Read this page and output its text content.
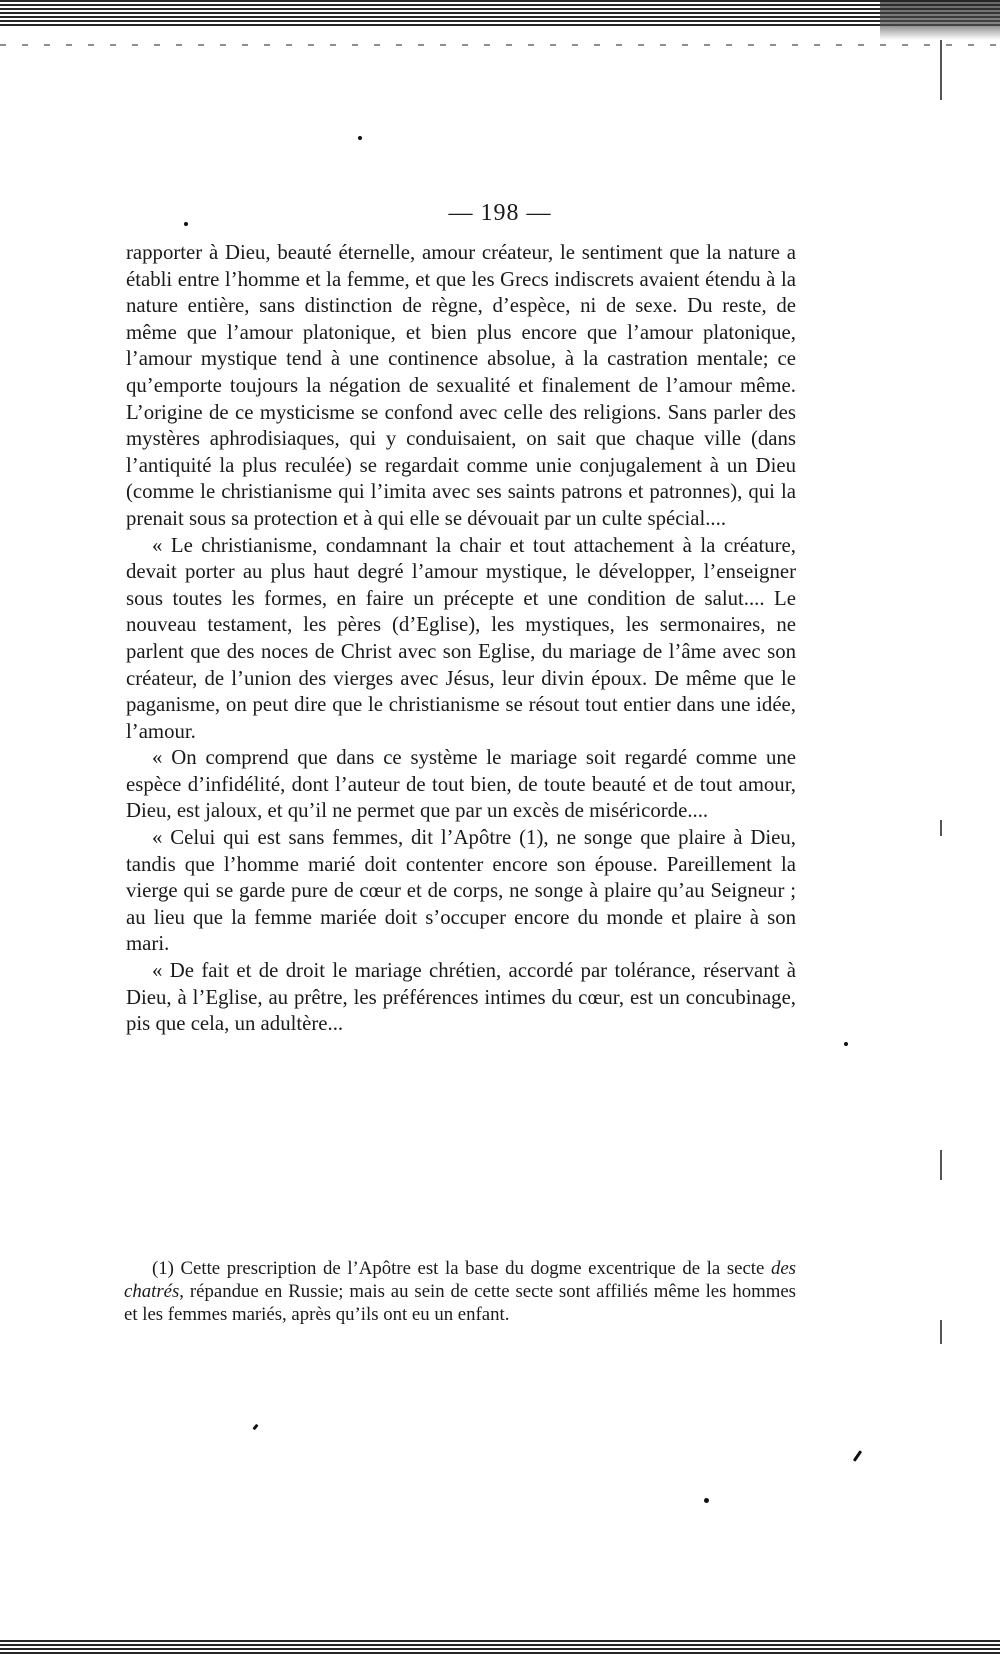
— 198 —

rapporter à Dieu, beauté éternelle, amour créateur, le sentiment que la nature a établi entre l’homme et la femme, et que les Grecs indiscrets avaient étendu à la nature entière, sans distinction de règne, d’espèce, ni de sexe. Du reste, de même que l’amour platonique, et bien plus encore que l’amour platonique, l’amour mystique tend à une continence absolue, à la castration mentale; ce qu’emporte toujours la négation de sexualité et finalement de l’amour même. L’origine de ce mysticisme se confond avec celle des religions. Sans parler des mystères aphrodisiaques, qui y conduisaient, on sait que chaque ville (dans l’antiquité la plus reculée) se regardait comme unie conjugalement à un Dieu (comme le christianisme qui l’imita avec ses saints patrons et patronnes), qui la prenait sous sa protection et à qui elle se dévouait par un culte spécial....

« Le christianisme, condamnant la chair et tout attachement à la créature, devait porter au plus haut degré l’amour mystique, le développer, l’enseigner sous toutes les formes, en faire un précepte et une condition de salut.... Le nouveau testament, les pères (d’Eglise), les mystiques, les sermonaires, ne parlent que des noces de Christ avec son Eglise, du mariage de l’âme avec son créateur, de l’union des vierges avec Jésus, leur divin époux. De même que le paganisme, on peut dire que le christianisme se résout tout entier dans une idée, l’amour.

« On comprend que dans ce système le mariage soit regardé comme une espèce d’infidélité, dont l’auteur de tout bien, de toute beauté et de tout amour, Dieu, est jaloux, et qu’il ne permet que par un excès de miséricorde....

« Celui qui est sans femmes, dit l’Apôtre (1), ne songe que plaire à Dieu, tandis que l’homme marié doit contenter encore son épouse. Pareillement la vierge qui se garde pure de cœur et de corps, ne songe à plaire qu’au Seigneur ; au lieu que la femme mariée doit s’occuper encore du monde et plaire à son mari.

« De fait et de droit le mariage chrétien, accordé par tolérance, réservant à Dieu, à l’Eglise, au prêtre, les préférences intimes du cœur, est un concubinage, pis que cela, un adultère...

(1) Cette prescription de l’Apôtre est la base du dogme excentrique de la secte des chatrés, répandue en Russie; mais au sein de cette secte sont affiliés même les hommes et les femmes mariés, après qu’ils ont eu un enfant.
